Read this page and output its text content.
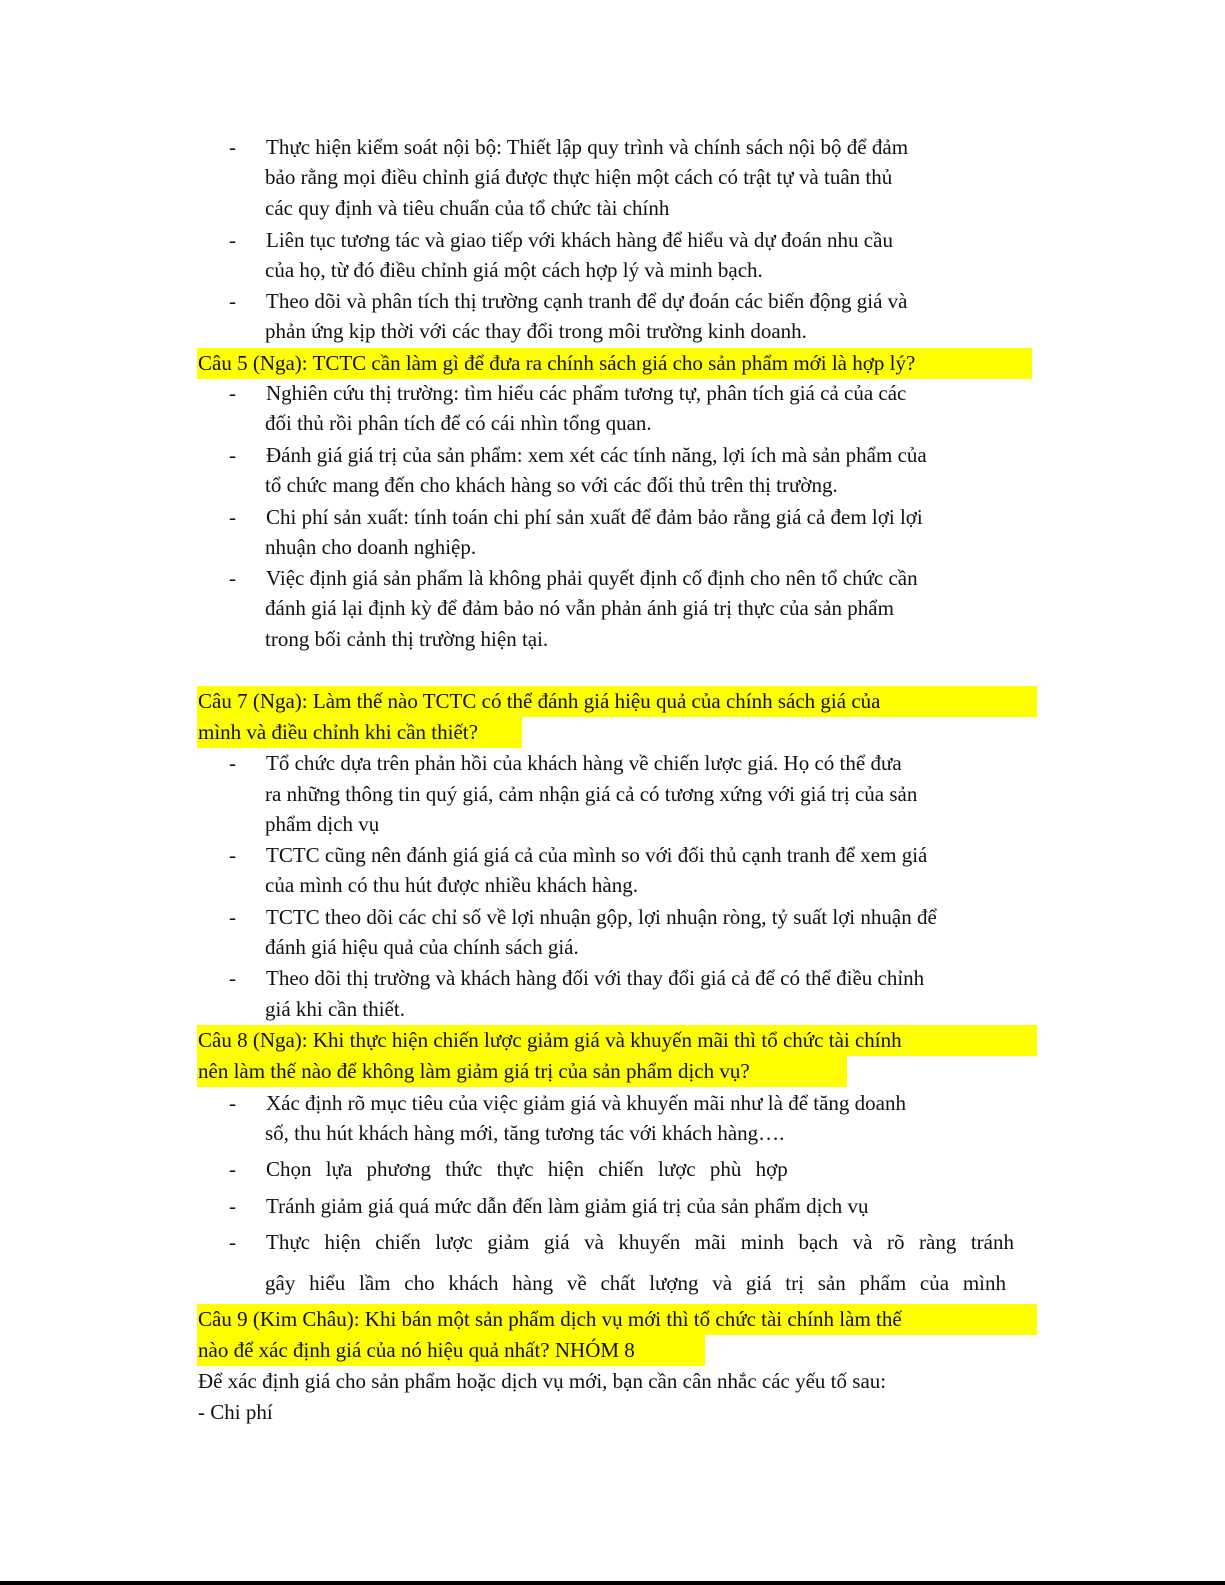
- Thực hiện kiểm soát nội bộ: Thiết lập quy trình và chính sách nội bộ để đảm
bảo rằng mọi điều chỉnh giá được thực hiện một cách có trật tự và tuân thủ
các quy định và tiêu chuẩn của tổ chức tài chính
- Liên tục tương tác và giao tiếp với khách hàng để hiểu và dự đoán nhu cầu
của họ, từ đó điều chỉnh giá một cách hợp lý và minh bạch.
- Theo dõi và phân tích thị trường cạnh tranh để dự đoán các biến động giá và
phản ứng kịp thời với các thay đổi trong môi trường kinh doanh.
Câu 5 (Nga): TCTC cần làm gì để đưa ra chính sách giá cho sản phẩm mới là hợp lý?
- Nghiên cứu thị trường: tìm hiểu các phẩm tương tự, phân tích giá cả của các
đối thủ rồi phân tích để có cái nhìn tổng quan.
- Đánh giá giá trị của sản phẩm: xem xét các tính năng, lợi ích mà sản phẩm của
tổ chức mang đến cho khách hàng so với các đối thủ trên thị trường.
- Chi phí sản xuất: tính toán chi phí sản xuất để đảm bảo rằng giá cả đem lợi lợi
nhuận cho doanh nghiệp.
- Việc định giá sản phẩm là không phải quyết định cố định cho nên tổ chức cần
đánh giá lại định kỳ để đảm bảo nó vẫn phản ánh giá trị thực của sản phẩm
trong bối cảnh thị trường hiện tại.
Câu 7 (Nga): Làm thế nào TCTC có thể đánh giá hiệu quả của chính sách giá của
mình và điều chỉnh khi cần thiết?
- Tổ chức dựa trên phản hồi của khách hàng về chiến lược giá. Họ có thể đưa
ra những thông tin quý giá, cảm nhận giá cả có tương xứng với giá trị của sản
phẩm dịch vụ
- TCTC cũng nên đánh giá giá cả của mình so với đối thủ cạnh tranh để xem giá
của mình có thu hút được nhiều khách hàng.
- TCTC theo dõi các chỉ số về lợi nhuận gộp, lợi nhuận ròng, tỷ suất lợi nhuận để
đánh giá hiệu quả của chính sách giá.
- Theo dõi thị trường và khách hàng đối với thay đổi giá cả để có thể điều chỉnh
giá khi cần thiết.
Câu 8 (Nga): Khi thực hiện chiến lược giảm giá và khuyến mãi thì tổ chức tài chính
nên làm thế nào để không làm giảm giá trị của sản phẩm dịch vụ?
- Xác định rõ mục tiêu của việc giảm giá và khuyến mãi như là để tăng doanh
số, thu hút khách hàng mới, tăng tương tác với khách hàng….
- Chọn lựa phương thức thực hiện chiến lược phù hợp
- Tránh giảm giá quá mức dẫn đến làm giảm giá trị của sản phẩm dịch vụ
- Thực hiện chiến lược giảm giá và khuyến mãi minh bạch và rõ ràng tránh
gây hiểu lầm cho khách hàng về chất lượng và giá trị sản phẩm của mình
Câu 9 (Kim Châu): Khi bán một sản phẩm dịch vụ mới thì tổ chức tài chính làm thế
nào để xác định giá của nó hiệu quả nhất? NHÓM 8
Để xác định giá cho sản phẩm hoặc dịch vụ mới, bạn cần cân nhắc các yếu tố sau:
- Chi phí
